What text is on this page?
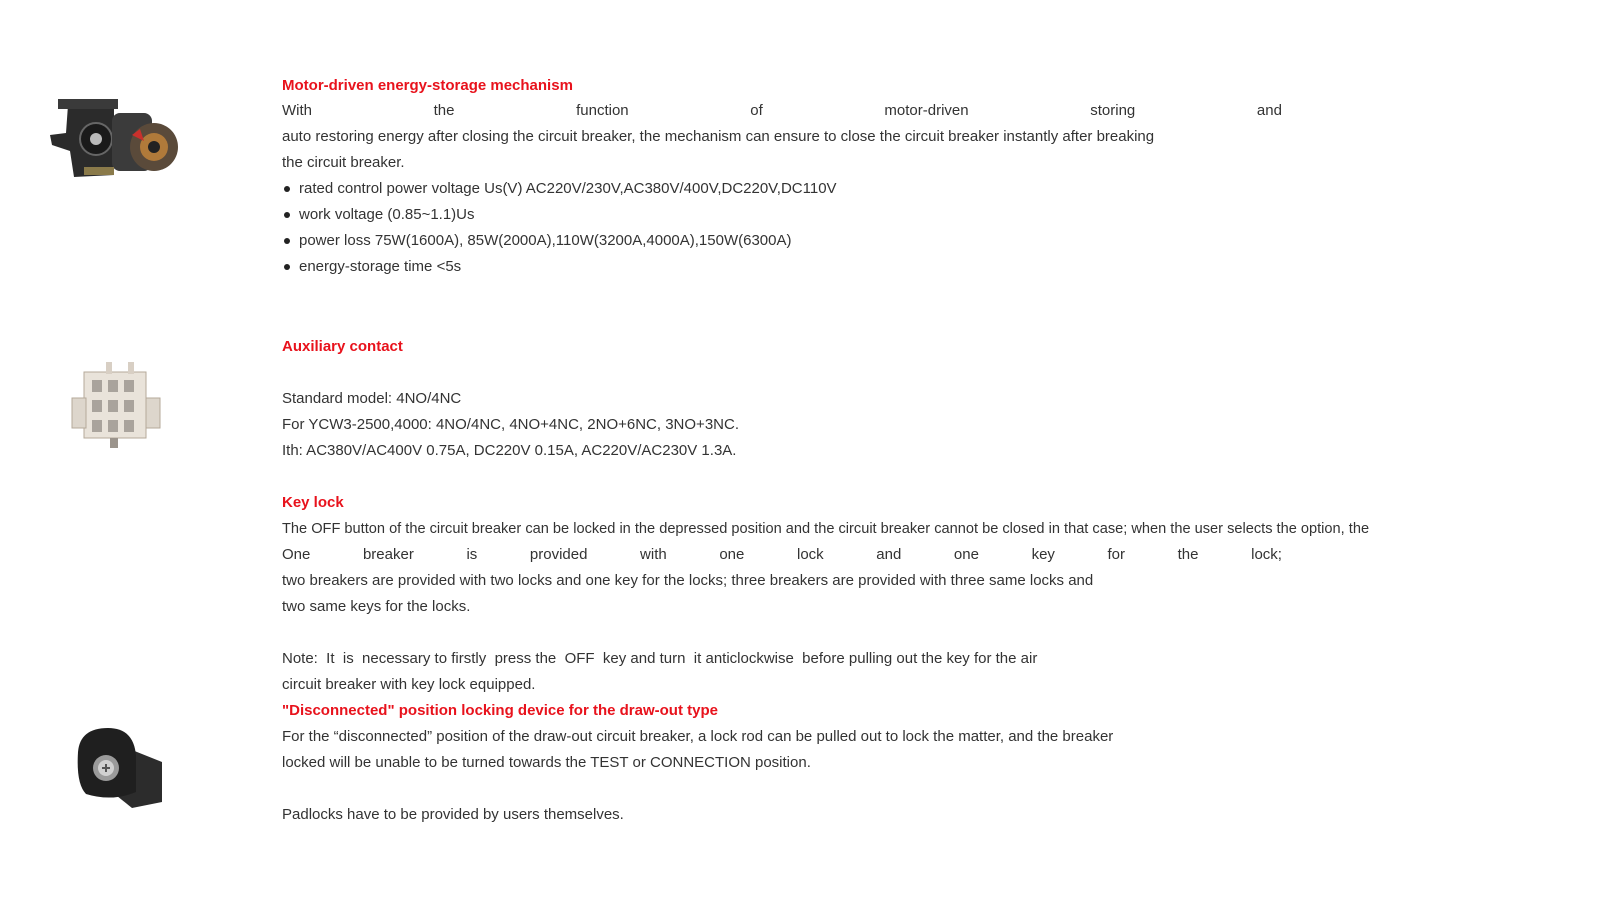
Motor-driven energy-storage mechanism
With	the	function	of	motor-driven	storing	and
auto restoring energy after closing the circuit breaker, the mechanism can ensure to close the circuit breaker instantly after breaking
the circuit breaker.
rated control power voltage Us(V) AC220V/230V,AC380V/400V,DC220V,DC110V
work voltage (0.85~1.1)Us
power loss 75W(1600A), 85W(2000A),110W(3200A,4000A),150W(6300A)
energy-storage time <5s
Auxiliary contact
Standard model: 4NO/4NC
For YCW3-2500,4000: 4NO/4NC, 4NO+4NC, 2NO+6NC, 3NO+3NC.
Ith: AC380V/AC400V 0.75A, DC220V 0.15A, AC220V/AC230V 1.3A.
Key lock
The OFF button of the circuit breaker can be locked in the depressed position and the circuit breaker cannot be closed in that case; when the user selects the option, the
One	breaker	is	provided	with	one	lock	and	one	key	for	the	lock;
two breakers are provided with two locks and one key for the locks; three breakers are provided with three same locks and
two same keys for the locks.
Note:  It  is  necessary to firstly  press the  OFF  key and turn  it anticlockwise  before pulling out the key for the air
circuit breaker with key lock equipped.
"Disconnected" position locking device for the draw-out type
For the “disconnected” position of the draw-out circuit breaker, a lock rod can be pulled out to lock the matter, and the breaker
locked will be unable to be turned towards the TEST or CONNECTION position.
Padlocks have to be provided by users themselves.
